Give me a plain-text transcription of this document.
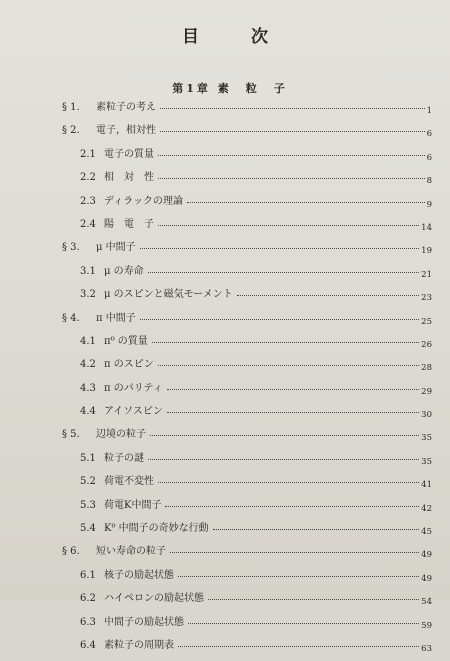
目次
第1章 素　粒　子
§ 1. 素粒子の考え	1
§ 2. 電子，相対性	6
2.1 電子の質量	6
2.2 相　対　性	8
2.3 ディラックの理論	9
2.4 陽　電　子	14
§ 3. μ 中間子	19
3.1 μ の寿命	21
3.2 μ のスピンと磁気モーメント	23
§ 4. π 中間子	25
4.1 π⁰ の質量	26
4.2 π のスピン	28
4.3 π のパリティ	29
4.4 アイソスピン	30
§ 5. 辺境の粒子	35
5.1 粒子の謎	35
5.2 荷電不変性	41
5.3 荷電K中間子	42
5.4 K⁰ 中間子の奇妙な行動	45
§ 6. 短い寿命の粒子	49
6.1 核子の励起状態	49
6.2 ハイペロンの励起状態	54
6.3 中間子の励起状態	59
6.4 素粒子の周期表	63
